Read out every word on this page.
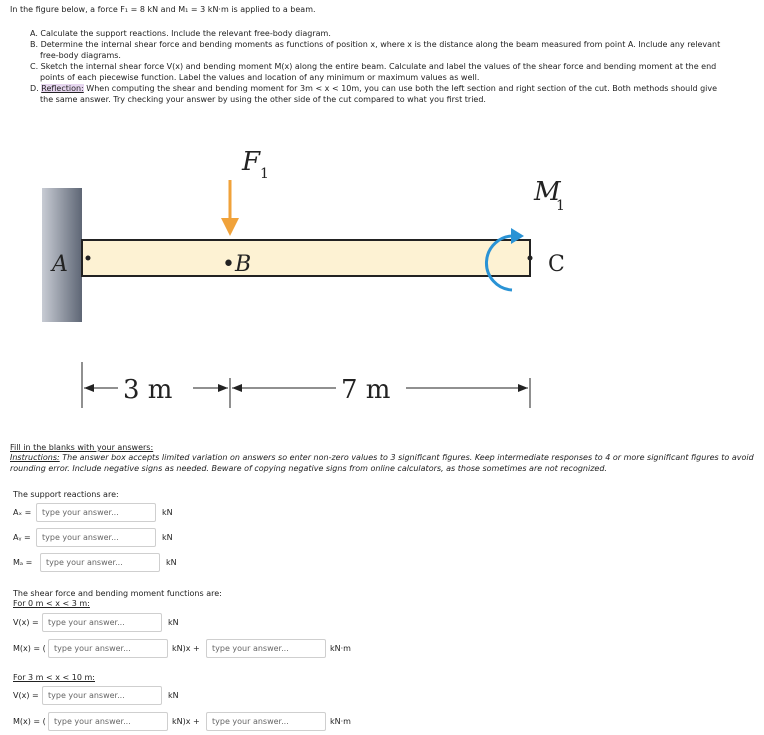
In the figure below, a force F₁ = 8 kN and M₁ = 3 kN·m is applied to a beam.
A. Calculate the support reactions. Include the relevant free-body diagram.
B. Determine the internal shear force and bending moments as functions of position x, where x is the distance along the beam measured from point A. Include any relevant
free-body diagrams.
C. Sketch the internal shear force V(x) and bending moment M(x) along the entire beam. Calculate and label the values of the shear force and bending moment at the end
points of each piecewise function. Label the values and location of any minimum or maximum values as well.
D. Reflection: When computing the shear and bending moment for 3m < x < 10m, you can use both the left section and right section of the cut. Both methods should give
the same answer. Try checking your answer by using the other side of the cut compared to what you first tried.
A	•B	C
F 1
M
1
3 m	7 m
Fill in the blanks with your answers:
Instructions: The answer box accepts limited variation on answers so enter non-zero values to 3 significant figures. Keep intermediate responses to 4 or more significant figures to avoid
rounding error. Include negative signs as needed. Beware of copying negative signs from online calculators, as those sometimes are not recognized.
The support reactions are:
Aₓ =
type your answer...	kN
Aᵧ =
type your answer...	kN
Mₐ =
type your answer...	kN
The shear force and bending moment functions are:
For 0 m < x < 3 m:
V(x) =
type your answer...	kN
M(x) = (
type your answer...	kN)x +
type your answer...	kN·m
For 3 m < x < 10 m:
V(x) =
type your answer...	kN
M(x) = (
type your answer...	kN)x +
type your answer...	kN·m
